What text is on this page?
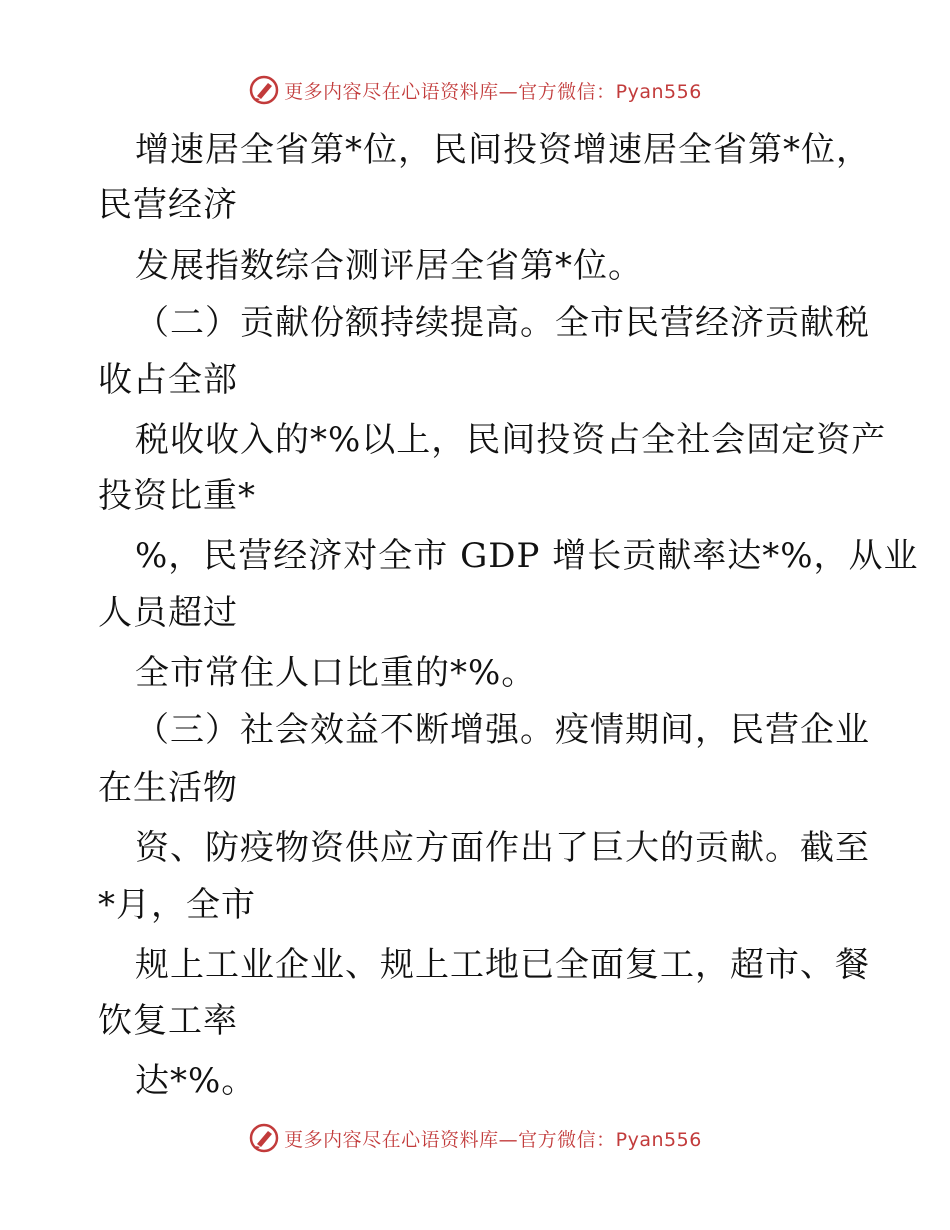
更多内容尽在心语资料库—官方微信：Pyan556
增速居全省第*位，民间投资增速居全省第*位，
民营经济
发展指数综合测评居全省第*位。
（二）贡献份额持续提高。全市民营经济贡献税
收占全部
税收收入的*%以上，民间投资占全社会固定资产
投资比重*
%，民营经济对全市 GDP 增长贡献率达*%，从业
人员超过
全市常住人口比重的*%。
（三）社会效益不断增强。疫情期间，民营企业
在生活物
资、防疫物资供应方面作出了巨大的贡献。截至
*月，全市
规上工业企业、规上工地已全面复工，超市、餐
饮复工率
达*%。
更多内容尽在心语资料库—官方微信：Pyan556
